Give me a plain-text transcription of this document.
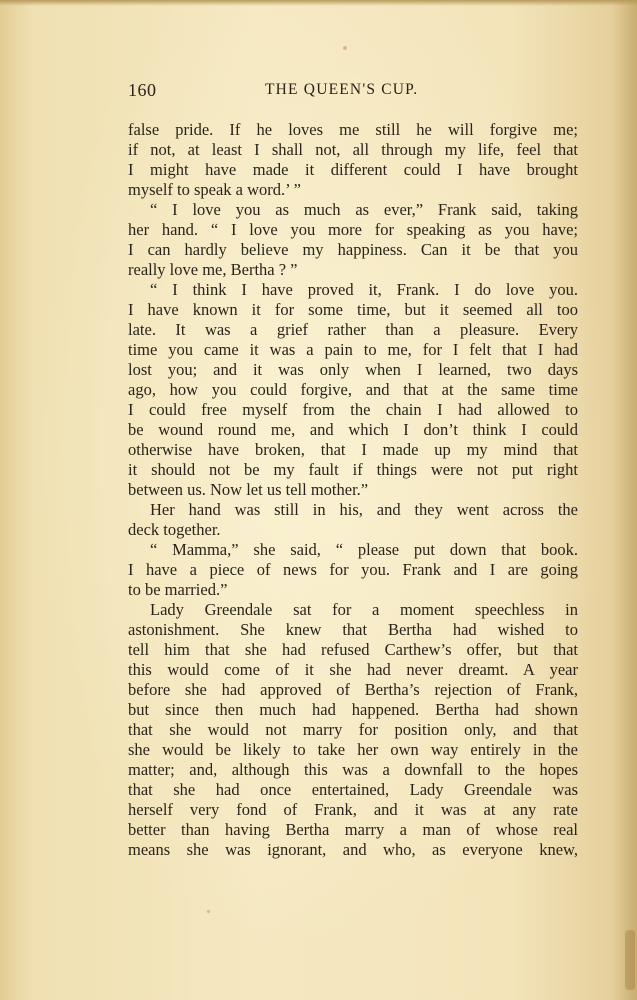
160	THE QUEEN'S CUP.
false pride. If he loves me still he will forgive me;
if not, at least I shall not, all through my life, feel that
I might have made it different could I have brought
myself to speak a word.’ ”
“ I love you as much as ever,” Frank said, taking
her hand. “ I love you more for speaking as you have;
I can hardly believe my happiness. Can it be that you
really love me, Bertha ? ”
“ I think I have proved it, Frank. I do love you.
I have known it for some time, but it seemed all too
late. It was a grief rather than a pleasure. Every
time you came it was a pain to me, for I felt that I had
lost you; and it was only when I learned, two days
ago, how you could forgive, and that at the same time
I could free myself from the chain I had allowed to
be wound round me, and which I don’t think I could
otherwise have broken, that I made up my mind that
it should not be my fault if things were not put right
between us. Now let us tell mother.”
Her hand was st‍ill in his, and they went across the
deck together.
“ Mamma,” she said, “ please put down that book.
I have a piece of news for you. Frank and I are going
to be married.”
Lady Greendale sat for a moment speechless in
astonishment. She knew that Bertha had wished to
tell him that she had refused Carthew’s offer, but that
this would come of it she had never dreamt. A year
before she had approved of Bertha’s rejection of Frank,
but since then much had happened. Bertha had shown
that she would not marry for position only, and that
she would be likely to take her own way entirely in the
matter; and, although this was a downfall to the hopes
that she had once entertained, Lady Greendale was
herself very fond of Frank, and it was at any rate
better than having Bertha marry a man of whose real
means she was ignorant, and who, as everyone knew,
